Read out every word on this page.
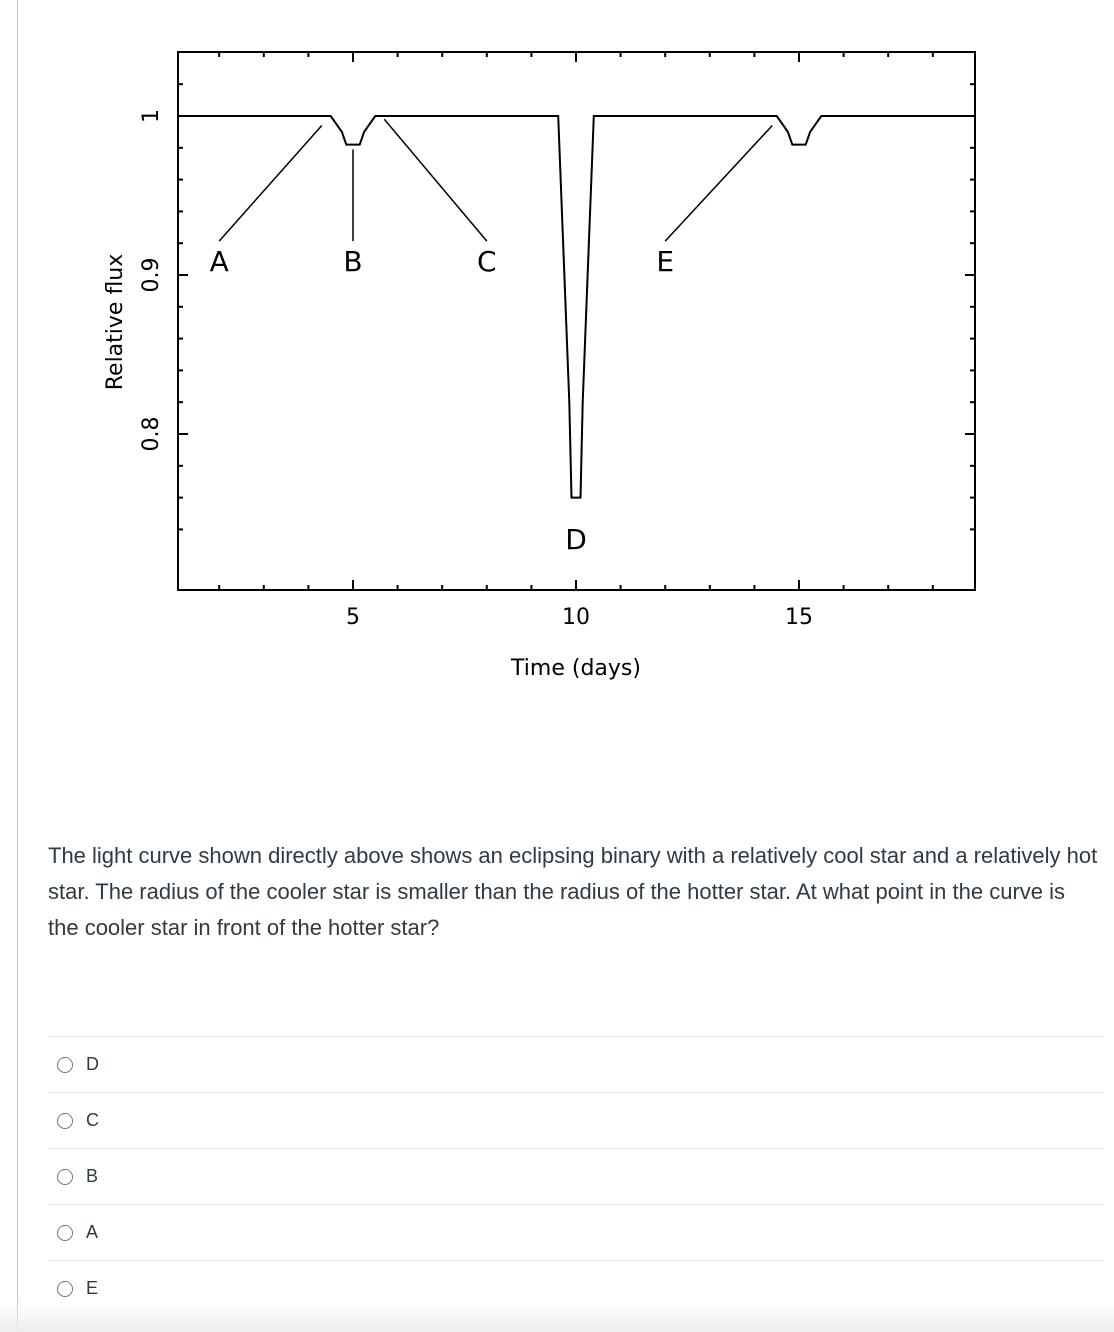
0.8
0.9
1
5	10	15
A	B	C
D
E
Relative flux
Time (days)

The light curve shown directly above shows an eclipsing binary with a relatively cool star and a relatively hot star. The radius of the cooler star is smaller than the radius of the hotter star. At what point in the curve is the cooler star in front of the hotter star?

D
C
B
A
E
